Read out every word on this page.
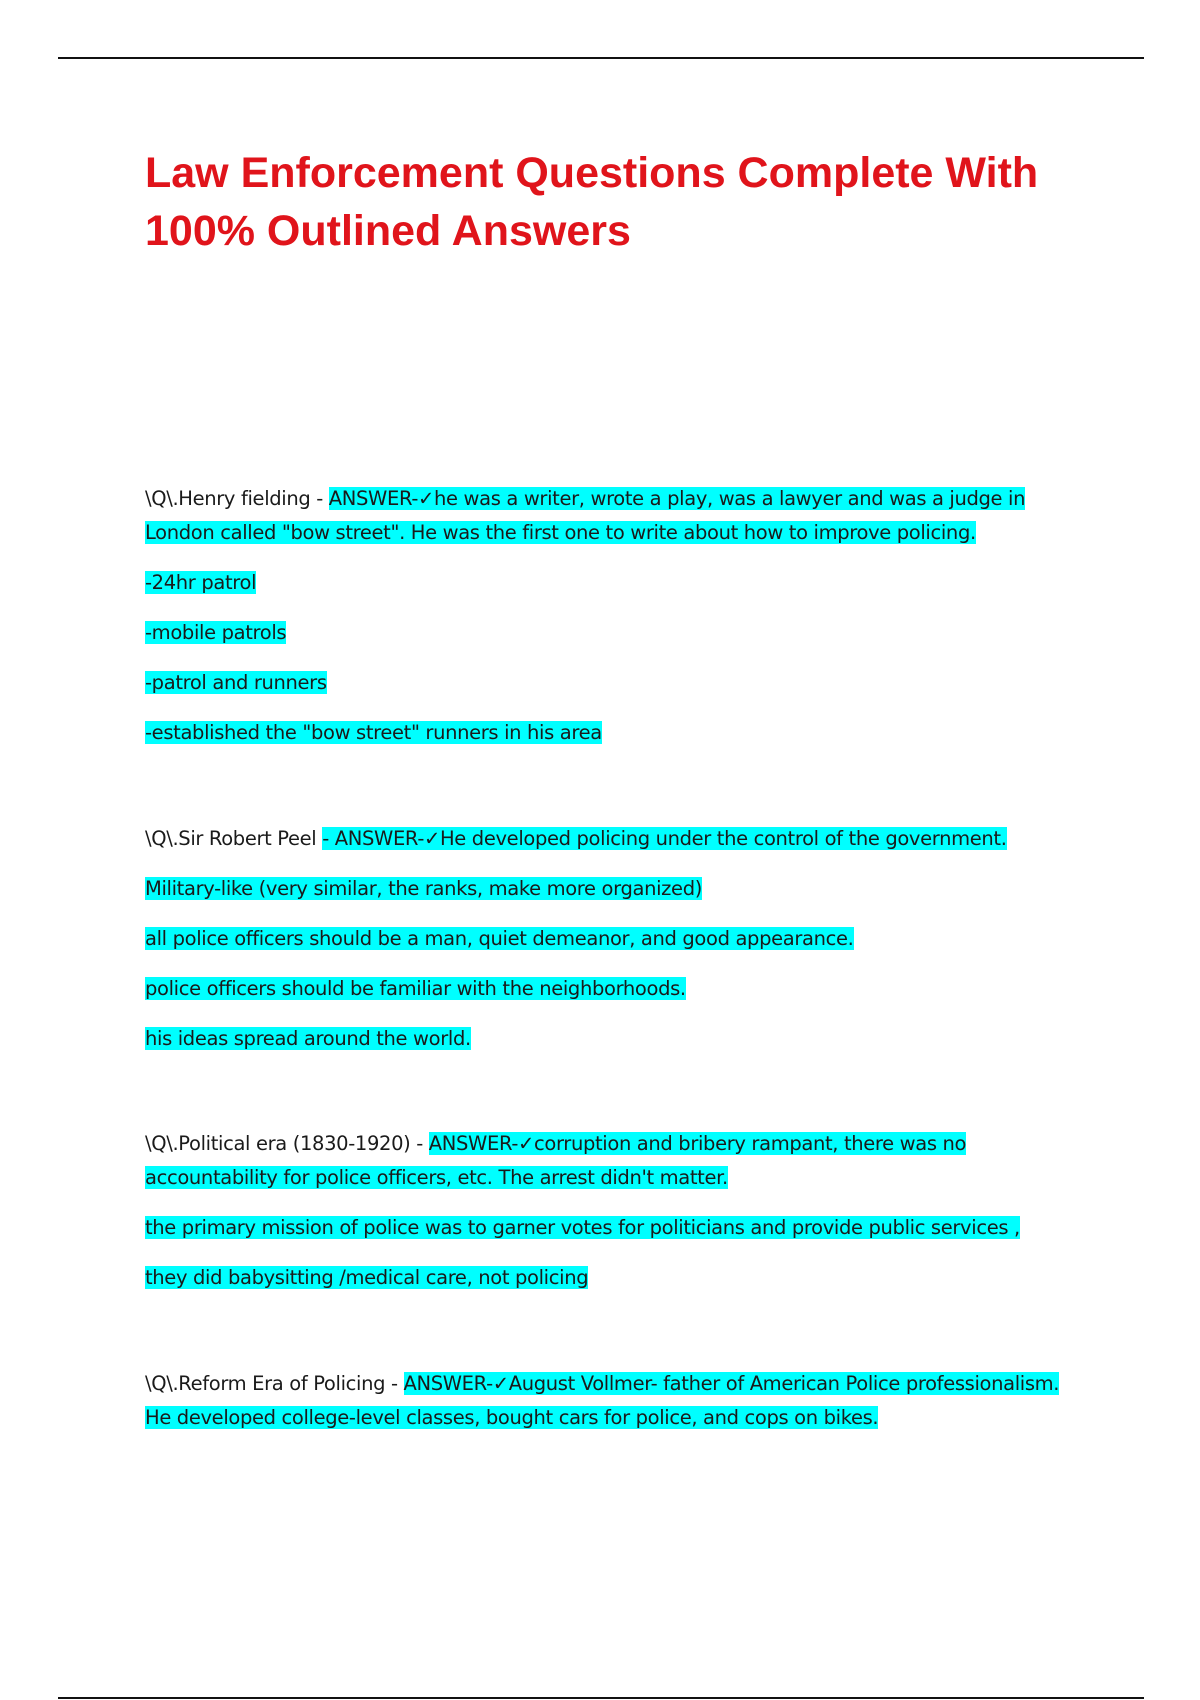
Law Enforcement Questions Complete With 100% Outlined Answers

\Q\.Henry fielding - ANSWER-✓he was a writer, wrote a play, was a lawyer and was a judge in London called "bow street". He was the first one to write about how to improve policing.

-24hr patrol

-mobile patrols

-patrol and runners

-established the "bow street" runners in his area

\Q\.Sir Robert Peel - ANSWER-✓He developed policing under the control of the government.

Military-like (very similar, the ranks, make more organized)

all police officers should be a man, quiet demeanor, and good appearance.

police officers should be familiar with the neighborhoods.

his ideas spread around the world.

\Q\.Political era (1830-1920) - ANSWER-✓corruption and bribery rampant, there was no accountability for police officers, etc. The arrest didn't matter.

the primary mission of police was to garner votes for politicians and provide public services ,

they did babysitting /medical care, not policing

\Q\.Reform Era of Policing - ANSWER-✓August Vollmer- father of American Police professionalism. He developed college-level classes, bought cars for police, and cops on bikes.
